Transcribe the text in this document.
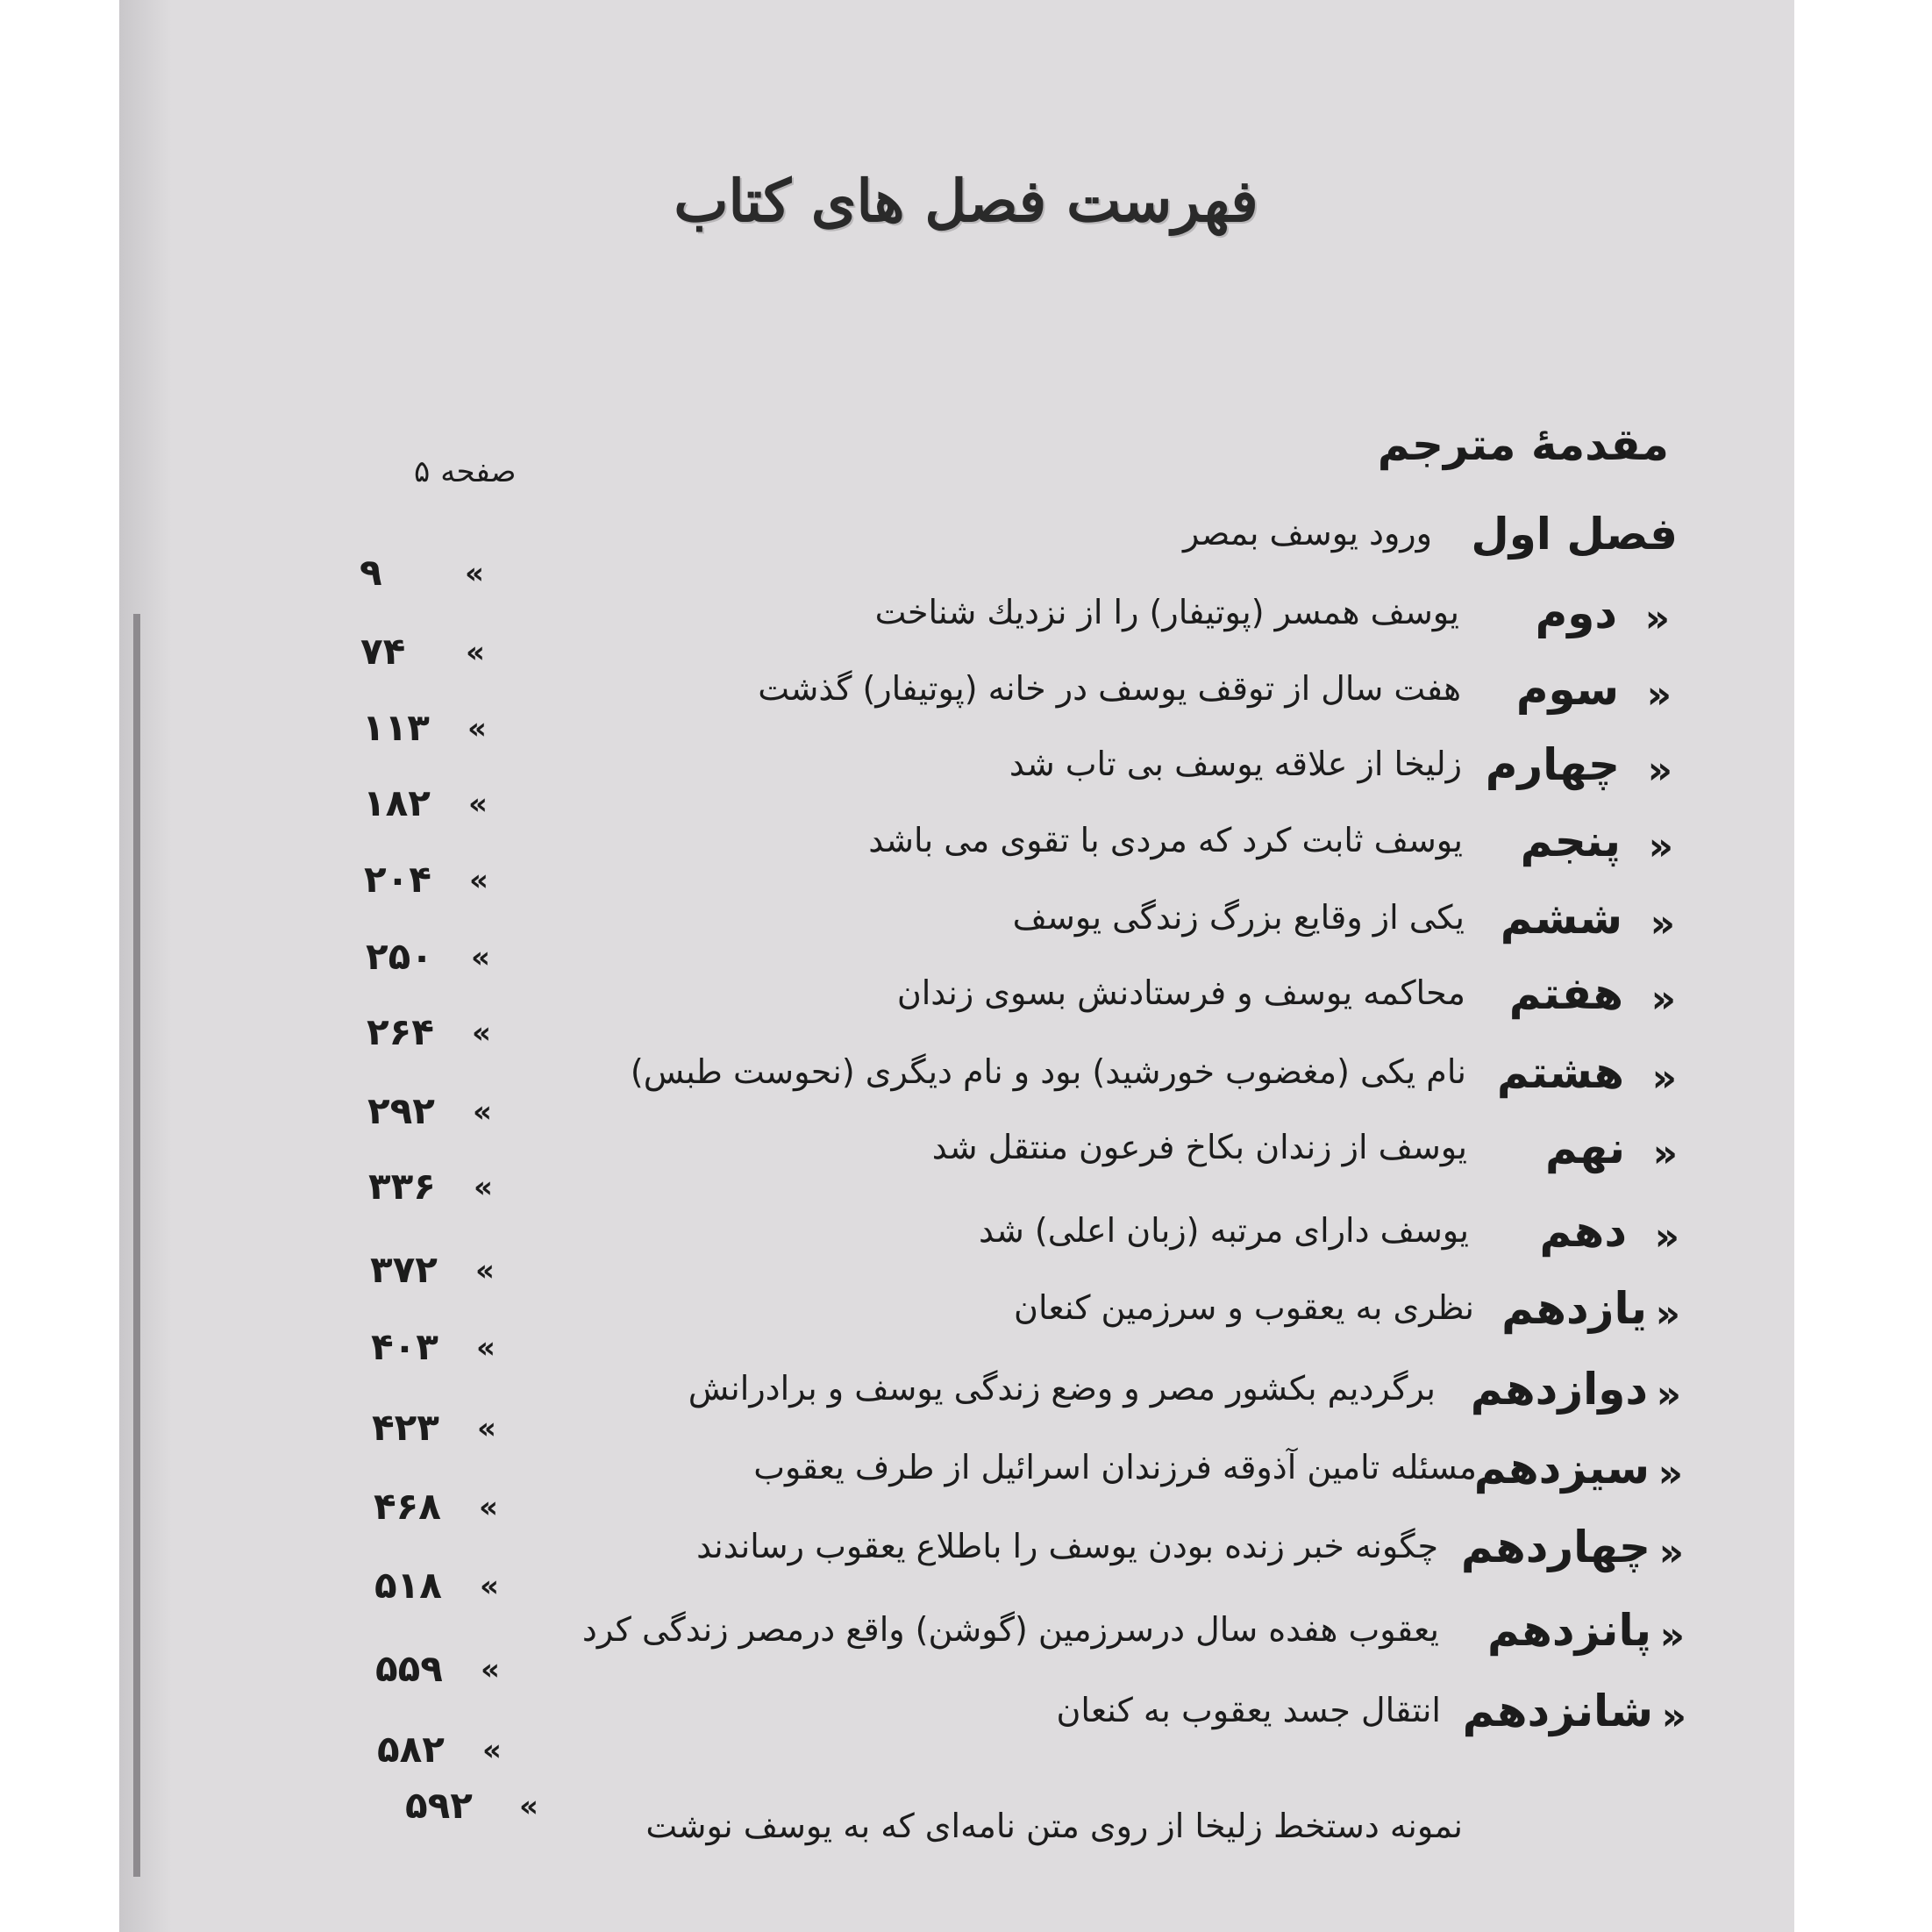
فهرست فصل های کتاب
مقدمهٔ مترجم
صفحه۵
فصل اول
ورود یوسف بمصر
»
۹
«
دوم
یوسف همسر (پوتیفار) را از نزدیك شناخت
»
۷۴
«
سوم
هفت سال از توقف یوسف در خانه (پوتیفار) گذشت
»
۱۱۳
«
چهارم
زلیخا از علاقه یوسف بی تاب شد
»
۱۸۲
«
پنجم
یوسف ثابت کرد که مردی با تقوی می باشد
»
۲۰۴
«
ششم
یکی از وقایع بزرگ زندگی یوسف
»
۲۵۰
«
هفتم
محاکمه یوسف و فرستادنش بسوی زندان
»
۲۶۴
«
هشتم
نام یکی (مغضوب خورشید) بود و نام دیگری (نحوست طبس)
»
۲۹۲
«
نهم
یوسف از زندان بکاخ فرعون منتقل شد
»
۳۳۶
«
دهم
یوسف دارای مرتبه (زبان اعلی) شد
»
۳۷۲
«
یازدهم
نظری به یعقوب و سرزمین کنعان
»
۴۰۳
«
دوازدهم
برگردیم بکشور مصر و وضع زندگی یوسف و برادرانش
»
۴۲۳
«
سیزدهم
مسئله تامین آذوقه فرزندان اسرائیل از طرف یعقوب
»
۴۶۸
«
چهاردهم
چگونه خبر زنده بودن یوسف را باطلاع یعقوب رساندند
»
۵۱۸
«
پانزدهم
یعقوب هفده سال درسرزمین (گوشن) واقع درمصر زندگی کرد
»
۵۵۹
«
شانزدهم
انتقال جسد یعقوب به کنعان
»
۵۸۲
نمونه دستخط زلیخا از روی متن نامه‌ای که به یوسف نوشت
»
۵۹۲
